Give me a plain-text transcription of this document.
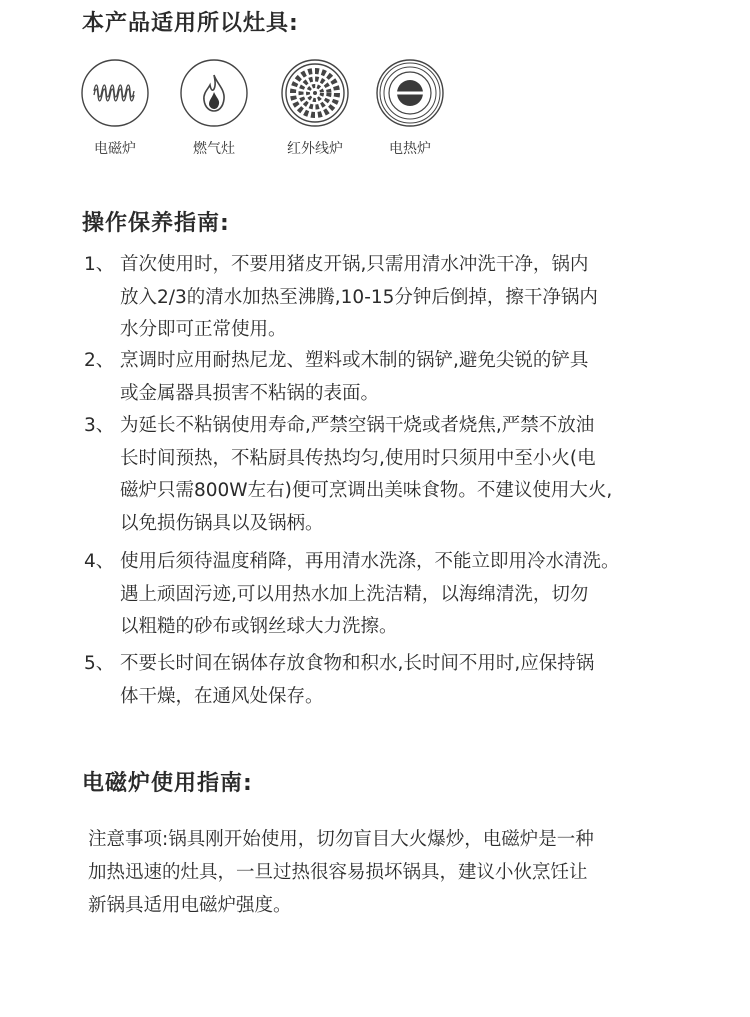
本产品适用所以灶具:
电磁炉	燃气灶	红外线炉	电热炉
操作保养指南:
1、 首次使用时，不要用猪皮开锅,只需用清水冲洗干净，锅内
放入2/3的清水加热至沸腾,10-15分钟后倒掉，擦干净锅内
水分即可正常使用。
2、 烹调时应用耐热尼龙、塑料或木制的锅铲,避免尖锐的铲具
或金属器具损害不粘锅的表面。
3、 为延长不粘锅使用寿命,严禁空锅干烧或者烧焦,严禁不放油
长时间预热，不粘厨具传热均匀,使用时只须用中至小火(电
磁炉只需800W左右)便可烹调出美味食物。不建议使用大火,
以免损伤锅具以及锅柄。
4、 使用后须待温度稍降，再用清水洗涤，不能立即用冷水清洗。
遇上顽固污迹,可以用热水加上洗洁精，以海绵清洗，切勿
以粗糙的砂布或钢丝球大力洗擦。
5、 不要长时间在锅体存放食物和积水,长时间不用时,应保持锅
体干燥，在通风处保存。
电磁炉使用指南:
注意事项:锅具刚开始使用，切勿盲目大火爆炒，电磁炉是一种
加热迅速的灶具，一旦过热很容易损坏锅具，建议小伙烹饪让
新锅具适用电磁炉强度。
